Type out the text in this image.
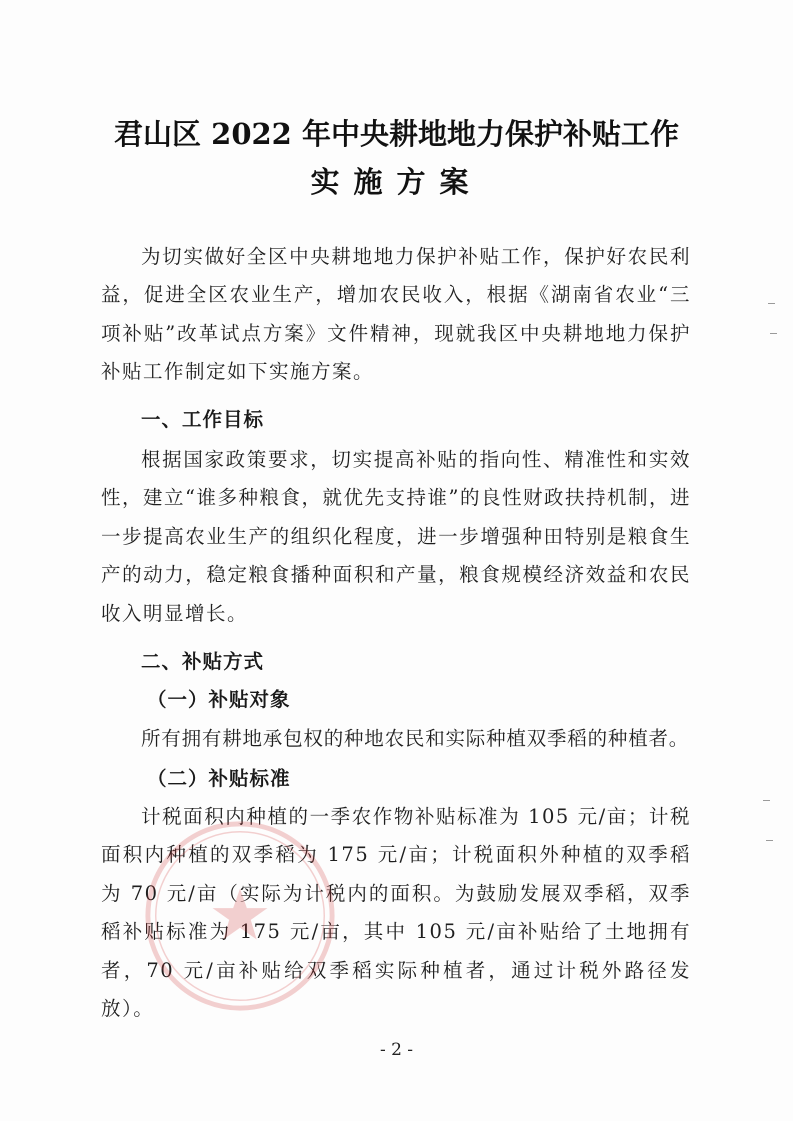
君山区 2022 年中央耕地地力保护补贴工作
实施方案

为切实做好全区中央耕地地力保护补贴工作，保护好农民利益，促进全区农业生产，增加农民收入，根据《湖南省农业“三项补贴”改革试点方案》文件精神，现就我区中央耕地地力保护补贴工作制定如下实施方案。

一、工作目标

根据国家政策要求，切实提高补贴的指向性、精准性和实效性，建立“谁多种粮食，就优先支持谁”的良性财政扶持机制，进一步提高农业生产的组织化程度，进一步增强种田特别是粮食生产的动力，稳定粮食播种面积和产量，粮食规模经济效益和农民收入明显增长。

二、补贴方式
（一）补贴对象

所有拥有耕地承包权的种地农民和实际种植双季稻的种植者。

（二）补贴标准

计税面积内种植的一季农作物补贴标准为 105 元/亩；计税面积内种植的双季稻为 175 元/亩；计税面积外种植的双季稻为 70 元/亩（实际为计税内的面积。为鼓励发展双季稻，双季稻补贴标准为 175 元/亩，其中 105 元/亩补贴给了土地拥有者，70 元/亩补贴给双季稻实际种植者，通过计税外路径发放）。

- 2 -
